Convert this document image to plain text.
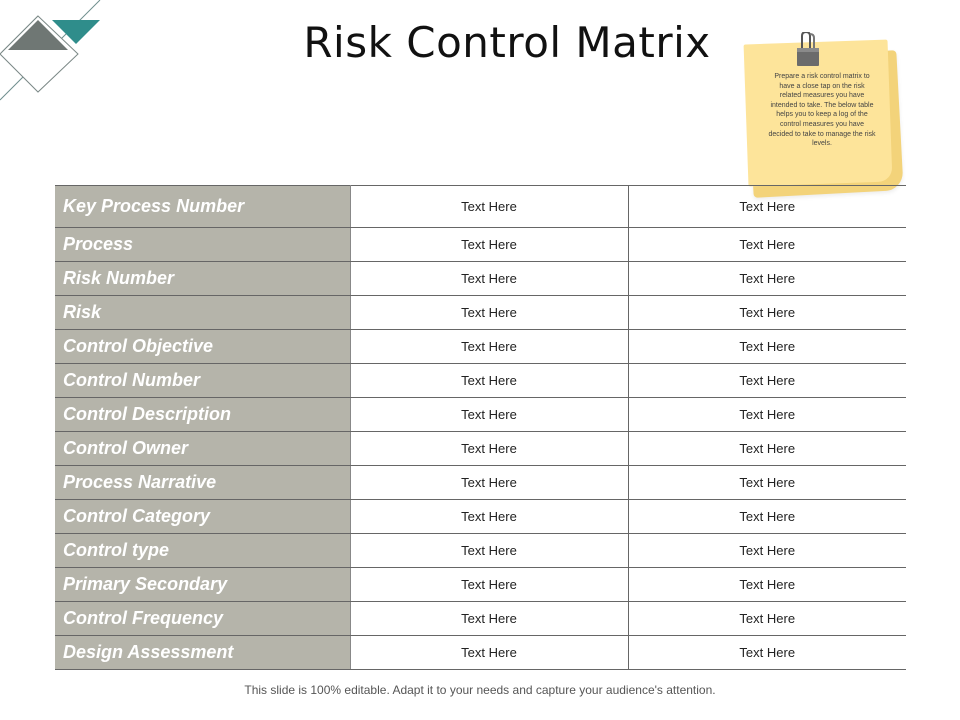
Risk Control Matrix
Prepare a risk control matrix to have a close tap on the risk related measures you have intended to take. The below table helps you to keep a log of the control measures you have decided to take to manage the risk levels.
Key Process Number	Text Here	Text Here
Process	Text Here	Text Here
Risk Number	Text Here	Text Here
Risk	Text Here	Text Here
Control Objective	Text Here	Text Here
Control Number	Text Here	Text Here
Control Description	Text Here	Text Here
Control Owner	Text Here	Text Here
Process Narrative	Text Here	Text Here
Control Category	Text Here	Text Here
Control type	Text Here	Text Here
Primary Secondary	Text Here	Text Here
Control Frequency	Text Here	Text Here
Design Assessment	Text Here	Text Here
This slide is 100% editable. Adapt it to your needs and capture your audience's attention.
